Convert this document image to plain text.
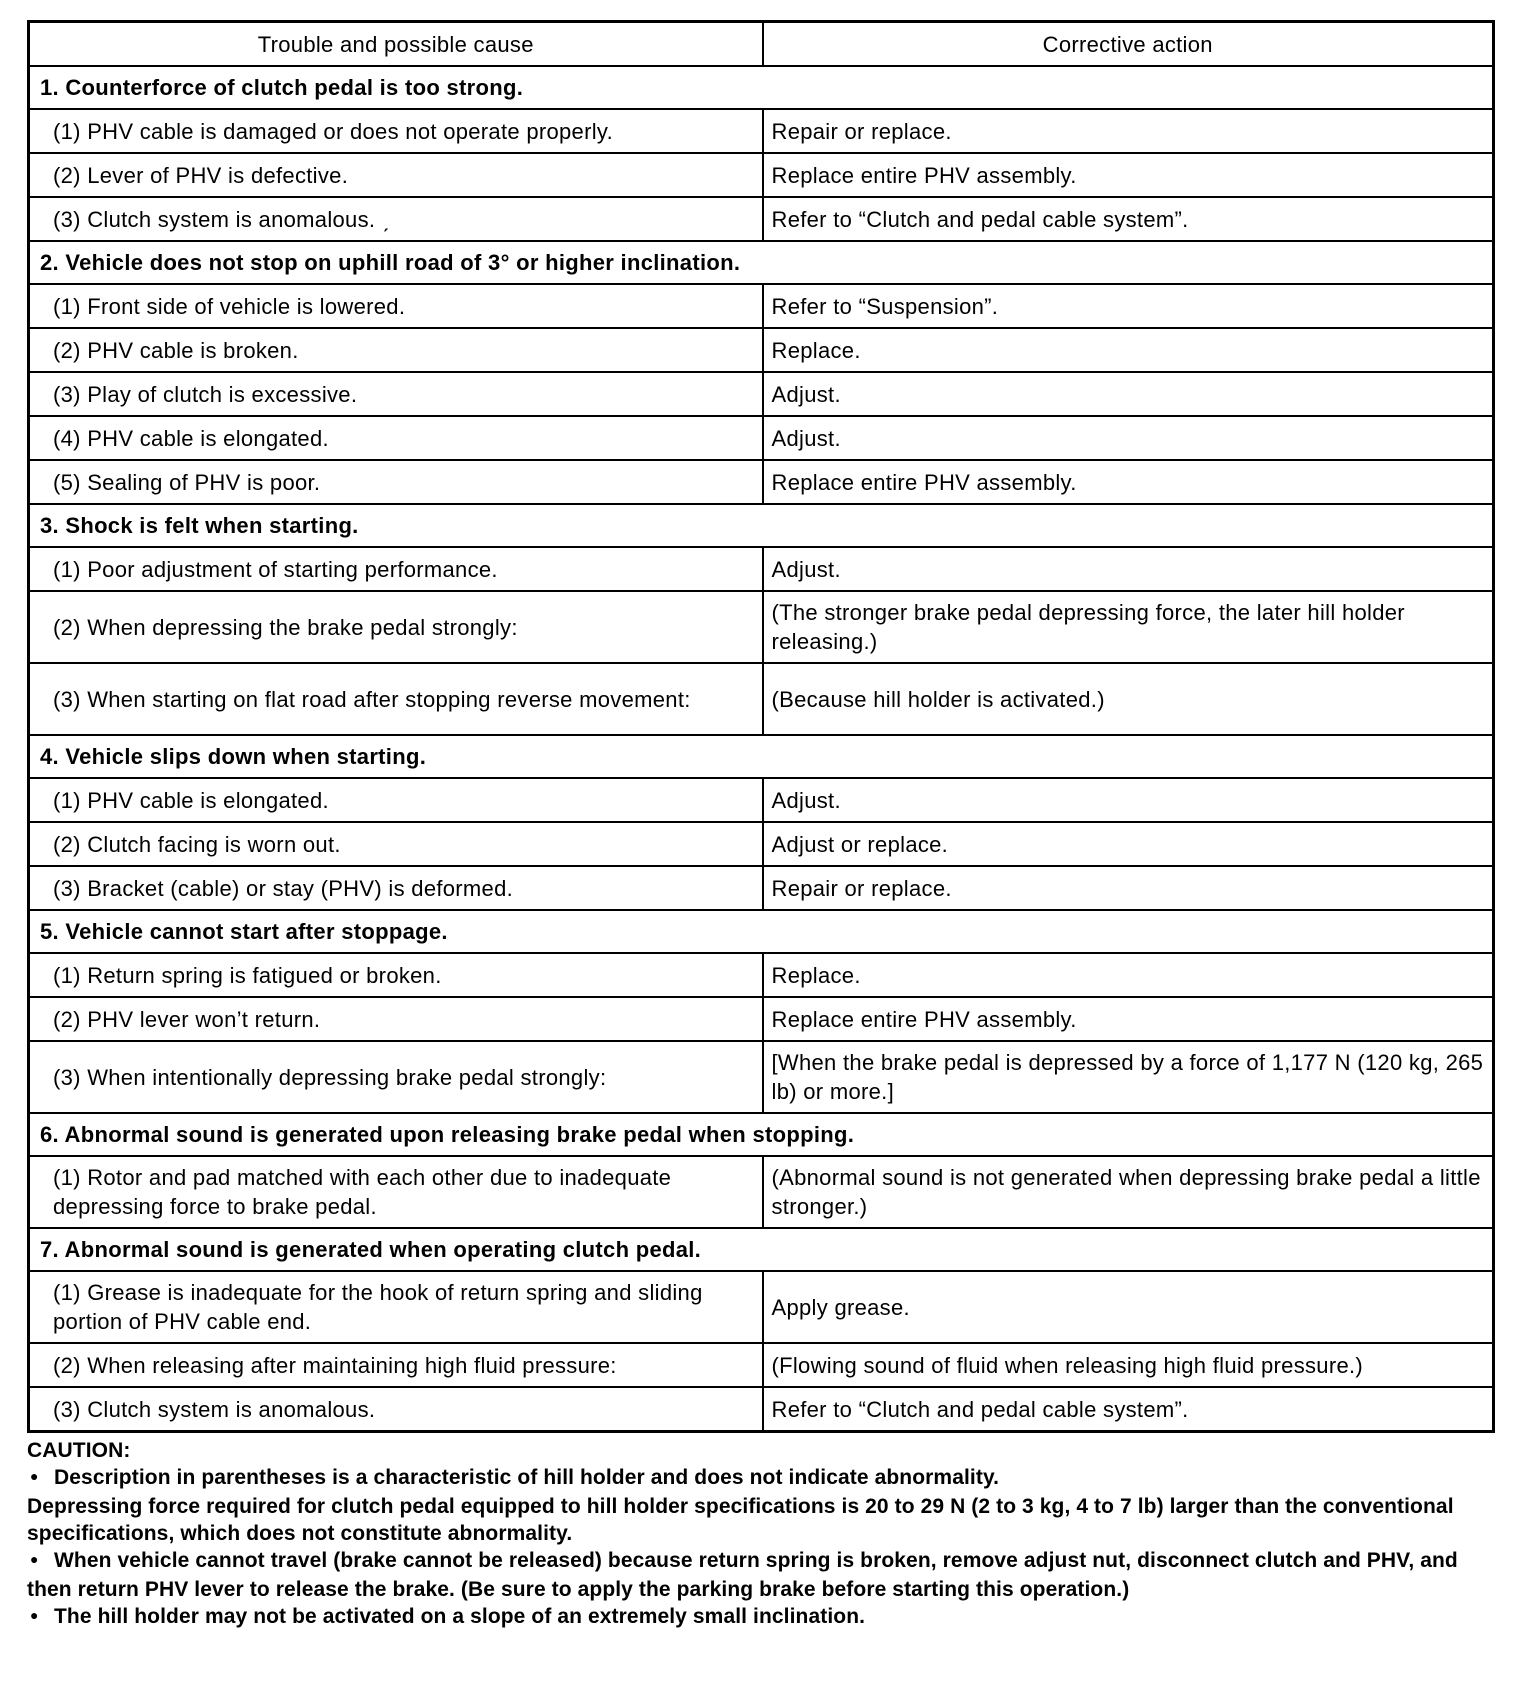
Trouble and possible cause	Corrective action
1. Counterforce of clutch pedal is too strong.	
(1) PHV cable is damaged or does not operate properly.	Repair or replace.
(2) Lever of PHV is defective.	Replace entire PHV assembly.
(3) Clutch system is anomalous. ˏ	Refer to “Clutch and pedal cable system”.
2. Vehicle does not stop on uphill road of 3° or higher inclination.	
(1) Front side of vehicle is lowered.	Refer to “Suspension”.
(2) PHV cable is broken.	Replace.
(3) Play of clutch is excessive.	Adjust.
(4) PHV cable is elongated.	Adjust.
(5) Sealing of PHV is poor.	Replace entire PHV assembly.
3. Shock is felt when starting.	
(1) Poor adjustment of starting performance.	Adjust.
(2) When depressing the brake pedal strongly:	(The stronger brake pedal depressing force, the later hill holder releasing.)
(3) When starting on flat road after stopping reverse movement:	(Because hill holder is activated.)
4. Vehicle slips down when starting.	
(1) PHV cable is elongated.	Adjust.
(2) Clutch facing is worn out.	Adjust or replace.
(3) Bracket (cable) or stay (PHV) is deformed.	Repair or replace.
5. Vehicle cannot start after stoppage.	
(1) Return spring is fatigued or broken.	Replace.
(2) PHV lever won’t return.	Replace entire PHV assembly.
(3) When intentionally depressing brake pedal strongly:	[When the brake pedal is depressed by a force of 1,177 N (120 kg, 265 lb) or more.]
6. Abnormal sound is generated upon releasing brake pedal when stopping.	
(1) Rotor and pad matched with each other due to inadequate depressing force to brake pedal.	(Abnormal sound is not generated when depressing brake pedal a little stronger.)
7. Abnormal sound is generated when operating clutch pedal.	
(1) Grease is inadequate for the hook of return spring and sliding portion of PHV cable end.	Apply grease.
(2) When releasing after maintaining high fluid pressure:	(Flowing sound of fluid when releasing high fluid pressure.)
(3) Clutch system is anomalous.	Refer to “Clutch and pedal cable system”.

CAUTION:

●Description in parentheses is a characteristic of hill holder and does not indicate abnormality.

Depressing force required for clutch pedal equipped to hill holder specifications is 20 to 29 N (2 to 3 kg, 4 to 7 lb) larger than the conventional specifications, which does not constitute abnormality.

●When vehicle cannot travel (brake cannot be released) because return spring is broken, remove adjust nut, disconnect clutch and PHV, and then return PHV lever to release the brake. (Be sure to apply the parking brake before starting this operation.)

●The hill holder may not be activated on a slope of an extremely small inclination.
